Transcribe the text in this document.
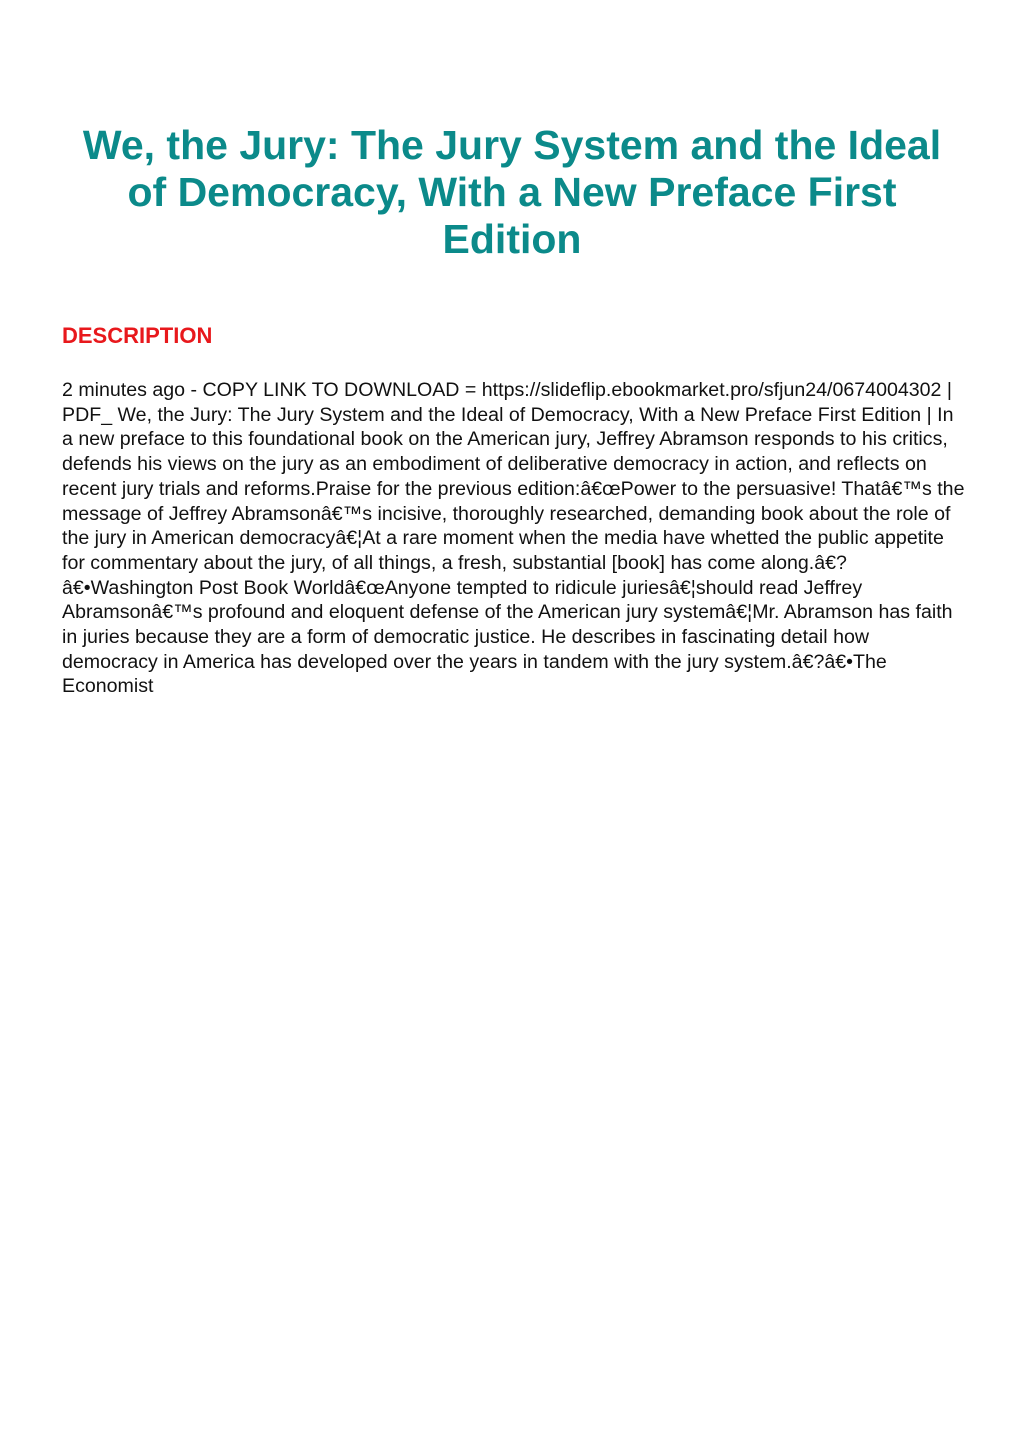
We, the Jury: The Jury System and the Ideal of Democracy, With a New Preface First Edition
DESCRIPTION

2 minutes ago - COPY LINK TO DOWNLOAD = https://slideflip.ebookmarket.pro/sfjun24/0674004302 | PDF_ We, the Jury: The Jury System and the Ideal of Democracy, With a New Preface First Edition | In a new preface to this foundational book on the American jury, Jeffrey Abramson responds to his critics, defends his views on the jury as an embodiment of deliberative democracy in action, and reflects on recent jury trials and reforms.Praise for the previous edition:â€œPower to the persuasive! Thatâ€™s the message of Jeffrey Abramsonâ€™s incisive, thoroughly researched, demanding book about the role of the jury in American democracyâ€¦At a rare moment when the media have whetted the public appetite for commentary about the jury, of all things, a fresh, substantial [book] has come along.â€?â€•Washington Post Book Worldâ€œAnyone tempted to ridicule juriesâ€¦should read Jeffrey Abramsonâ€™s profound and eloquent defense of the American jury systemâ€¦Mr. Abramson has faith in juries because they are a form of democratic justice. He describes in fascinating detail how democracy in America has developed over the years in tandem with the jury system.â€?â€•The Economist
